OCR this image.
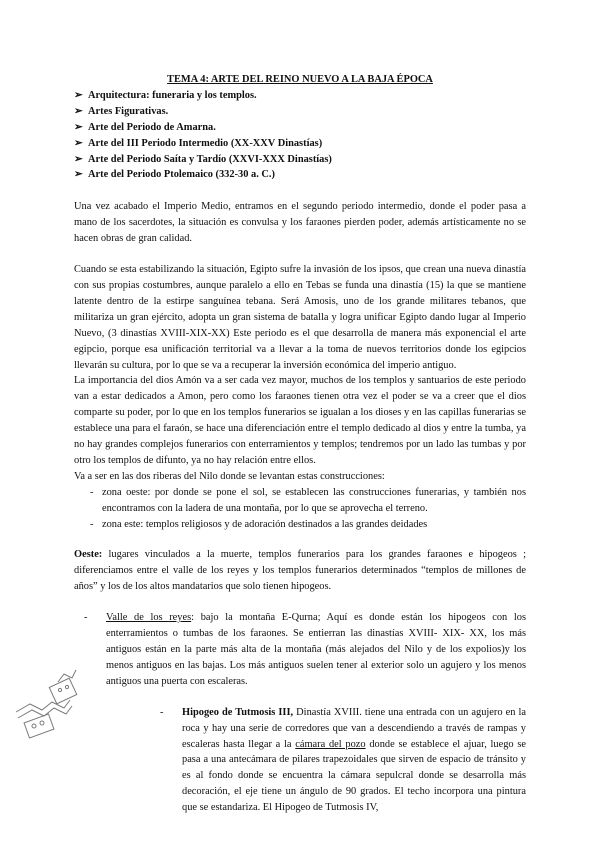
TEMA 4: ARTE DEL REINO NUEVO A LA BAJA ÉPOCA
➢ Arquitectura: funeraria y los templos.
➢ Artes Figurativas.
➢ Arte del Periodo de Amarna.
➢ Arte del III Periodo Intermedio (XX-XXV Dinastías)
➢ Arte del Periodo Saíta y Tardío (XXVI-XXX Dinastías)
➢ Arte del Periodo Ptolemaico (332-30 a. C.)

Una vez acabado el Imperio Medio, entramos en el segundo periodo intermedio, donde el poder pasa a mano de los sacerdotes, la situación es convulsa y los faraones pierden poder, además artísticamente no se hacen obras de gran calidad.

Cuando se esta estabilizando la situación, Egipto sufre la invasión de los ipsos, que crean una nueva dinastía con sus propias costumbres, aunque paralelo a ello en Tebas se funda una dinastía (15) la que se mantiene latente dentro de la estirpe sanguínea tebana. Será Amosis, uno de los grande militares tebanos, que militariza un gran ejército, adopta un gran sistema de batalla y logra unificar Egipto dando lugar al Imperio Nuevo, (3 dinastías XVIII-XIX-XX) Este periodo es el que desarrolla de manera más exponencial el arte egipcio, porque esa unificación territorial va a llevar a la toma de nuevos territorios donde los egipcios llevarán su cultura, por lo que se va a recuperar la inversión económica del imperio antiguo.

La importancia del dios Amón va a ser cada vez mayor, muchos de los templos y santuarios de este periodo van a estar dedicados a Amon, pero como los faraones tienen otra vez el poder se va a creer que el dios comparte su poder, por lo que en los templos funerarios se igualan a los dioses y en las capillas funerarias se establece una para el faraón, se hace una diferenciación entre el templo dedicado al dios y entre la tumba, ya no hay grandes complejos funerarios con enterramientos y templos; tendremos por un lado las tumbas y por otro los templos de difunto, ya no hay relación entre ellos.

Va a ser en las dos riberas del Nilo donde se levantan estas construcciones:

- zona oeste: por donde se pone el sol, se establecen las construcciones funerarias, y también nos encontramos con la ladera de una montaña, por lo que se aprovecha el terreno.
- zona este: templos religiosos y de adoración destinados a las grandes deidades

Oeste: lugares vinculados a la muerte, templos funerarios para los grandes faraones e hipogeos ; diferenciamos entre el valle de los reyes y los templos funerarios determinados “templos de millones de años” y los de los altos mandatarios que solo tienen hipogeos.

-	Valle de los reyes: bajo la montaña E-Qurna; Aquí es donde están los hipogeos con los enterramientos o tumbas de los faraones. Se entierran las dinastías XVIII- XIX- XX, los más antiguos están en la parte más alta de la montaña (más alejados del Nilo y de los expolios)y los menos antiguos en las bajas. Los más antiguos suelen tener al exterior solo un agujero y los menos antiguos una puerta con escaleras.
-	Hipogeo de Tutmosis III, Dinastía XVIII. tiene una entrada con un agujero en la roca y hay una serie de corredores que van a descendiendo a través de rampas y escaleras hasta llegar a la cámara del pozo donde se establece el ajuar, luego se pasa a una antecámara de pilares trapezoidales que sirven de espacio de tránsito y es al fondo donde se encuentra la cámara sepulcral donde se desarrolla más decoración, el eje tiene un ángulo de 90 grados. El techo incorpora una pintura que se estandariza. El Hipogeo de Tutmosis IV,
